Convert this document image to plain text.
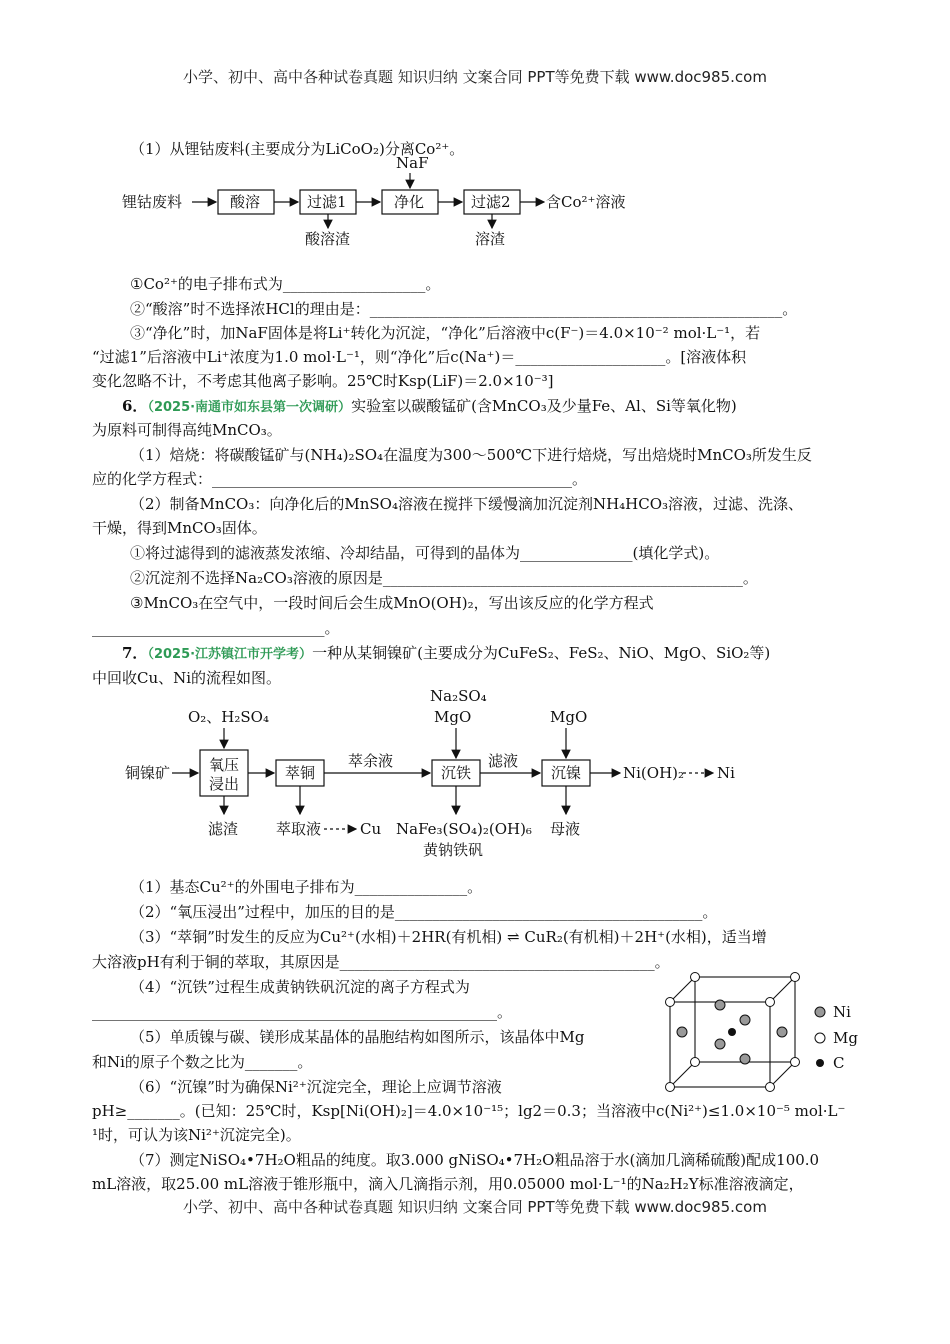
小学、初中、高中各种试卷真题 知识归纳 文案合同 PPT等免费下载 www.doc985.com
（1）从锂钴废料(主要成分为LiCoO₂)分离Co²⁺。
锂钴废料	酸溶	过滤1	净化	过滤2 含Co²⁺溶液
NaF
酸溶渣	溶渣
①Co²⁺的电子排布式为___________________。
②“酸溶”时不选择浓HCl的理由是：_______________________________________________________。
③“净化”时，加NaF固体是将Li⁺转化为沉淀，“净化”后溶液中c(F⁻)＝4.0×10⁻² mol·L⁻¹，若
“过滤1”后溶液中Li⁺浓度为1.0 mol·L⁻¹，则“净化”后c(Na⁺)＝____________________。[溶液体积
变化忽略不计，不考虑其他离子影响。25℃时Ksp(LiF)＝2.0×10⁻³]
6．（2025·南通市如东县第一次调研）实验室以碳酸锰矿(含MnCO₃及少量Fe、Al、Si等氧化物)
为原料可制得高纯MnCO₃。
（1）焙烧：将碳酸锰矿与(NH₄)₂SO₄在温度为300～500℃下进行焙烧，写出焙烧时MnCO₃所发生反
应的化学方程式：________________________________________________。
（2）制备MnCO₃：向净化后的MnSO₄溶液在搅拌下缓慢滴加沉淀剂NH₄HCO₃溶液，过滤、洗涤、
干燥，得到MnCO₃固体。
①将过滤得到的滤液蒸发浓缩、冷却结晶，可得到的晶体为_______________(填化学式)。
②沉淀剂不选择Na₂CO₃溶液的原因是________________________________________________。
③MnCO₃在空气中，一段时间后会生成MnO(OH)₂，写出该反应的化学方程式
_______________________________。
7．（2025·江苏镇江市开学考）一种从某铜镍矿(主要成分为CuFeS₂、FeS₂、NiO、MgO、SiO₂等)
中回收Cu、Ni的流程如图。
铜镍矿	氧压
浸出
O₂、H₂SO₄
滤渣
萃铜
萃取液	Cu
萃余液
沉铁
Na₂SO₄
MgO
NaFe₃(SO₄)₂(OH)₆
黄钠铁矾
滤液
沉镍
MgO
母液
Ni(OH)₂ Ni
（1）基态Cu²⁺的外围电子排布为_______________。
（2）“氧压浸出”过程中，加压的目的是_________________________________________。
（3）“萃铜”时发生的反应为Cu²⁺(水相)＋2HR(有机相) ⇌ CuR₂(有机相)＋2H⁺(水相)，适当增
大溶液pH有利于铜的萃取，其原因是__________________________________________。
（4）“沉铁”过程生成黄钠铁矾沉淀的离子方程式为
______________________________________________________。
（5）单质镍与碳、镁形成某晶体的晶胞结构如图所示，该晶体中Mg
和Ni的原子个数之比为_______。
（6）“沉镍”时为确保Ni²⁺沉淀完全，理论上应调节溶液
pH≥_______。(已知：25℃时，Ksp[Ni(OH)₂]＝4.0×10⁻¹⁵；lg2＝0.3；当溶液中c(Ni²⁺)≤1.0×10⁻⁵ mol·L⁻
¹时，可认为该Ni²⁺沉淀完全)。
（7）测定NiSO₄•7H₂O粗品的纯度。取3.000 gNiSO₄•7H₂O粗品溶于水(滴加几滴稀硫酸)配成100.0
mL溶液，取25.00 mL溶液于锥形瓶中，滴入几滴指示剂，用0.05000 mol·L⁻¹的Na₂H₂Y标准溶液滴定，
Ni
Mg
C
小学、初中、高中各种试卷真题 知识归纳 文案合同 PPT等免费下载 www.doc985.com
